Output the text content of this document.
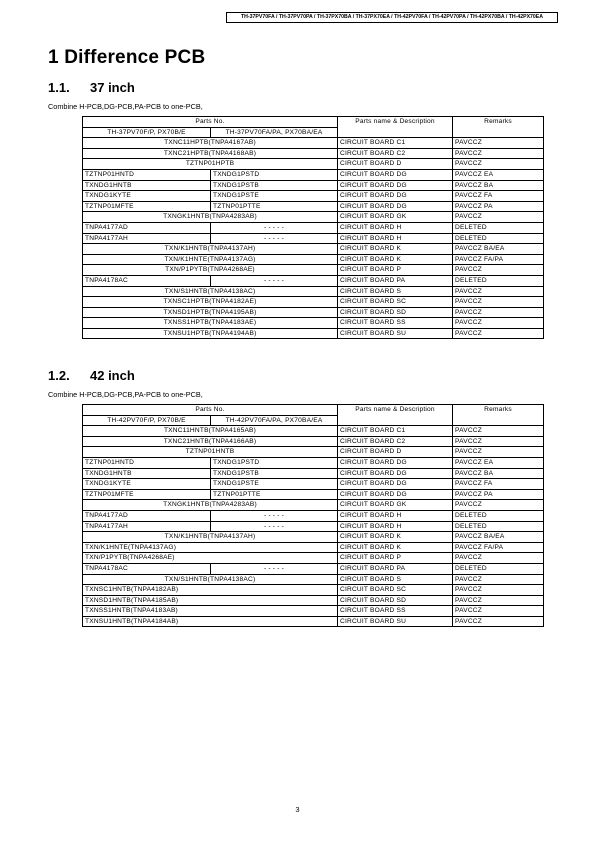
TH-37PV70FA / TH-37PV70PA / TH-37PX70BA / TH-37PX70EA / TH-42PV70FA / TH-42PV70PA / TH-42PX70BA / TH-42PX70EA
1 Difference PCB
1.1. 37 inch
Combine H-PCB,DG-PCB,PA-PCB to one-PCB,
Parts No.		Parts name & Description	Remarks
TH-37PV70F/P, PX70B/E	TH-37PV70FA/PA, PX70BA/EA		
TXNC11HPTB(TNPA4167AB)		CIRCUIT BOARD C1	PAVCCZ
TXNC21HPTB(TNPA4168AB)		CIRCUIT BOARD C2	PAVCCZ
TZTNP01HPTB		CIRCUIT BOARD D	PAVCCZ
TZTNP01HNTD	TXNDG1PSTD	CIRCUIT BOARD DG	PAVCCZ EA
TXNDG1HNTB	TXNDG1PSTB	CIRCUIT BOARD DG	PAVCCZ BA
TXNDG1KYTE	TXNDG1PSTE	CIRCUIT BOARD DG	PAVCCZ FA
TZTNP01MFTE	TZTNP01PTTE	CIRCUIT BOARD DG	PAVCCZ PA
TXNGK1HNTB(TNPA4283AB)		CIRCUIT BOARD GK	PAVCCZ
TNPA4177AD	- - - - -	CIRCUIT BOARD H	DELETED
TNPA4177AH	- - - - -	CIRCUIT BOARD H	DELETED
TXN/K1HNTB(TNPA4137AH)		CIRCUIT BOARD K	PAVCCZ BA/EA
TXN/K1HNTE(TNPA4137AG)		CIRCUIT BOARD K	PAVCCZ FA/PA
TXN/P1PYTB(TNPA4268AE)		CIRCUIT BOARD P	PAVCCZ
TNPA4178AC	- - - - -	CIRCUIT BOARD PA	DELETED
TXN/S1HNTB(TNPA4138AC)		CIRCUIT BOARD S	PAVCCZ
TXNSC1HPTB(TNPA4182AE)		CIRCUIT BOARD SC	PAVCCZ
TXNSD1HPTB(TNPA4195AB)		CIRCUIT BOARD SD	PAVCCZ
TXNSS1HPTB(TNPA4183AE)		CIRCUIT BOARD SS	PAVCCZ
TXNSU1HPTB(TNPA4194AB)		CIRCUIT BOARD SU	PAVCCZ
1.2. 42 inch
Combine H-PCB,DG-PCB,PA-PCB to one-PCB,
Parts No.		Parts name & Description	Remarks
TH-42PV70F/P, PX70B/E	TH-42PV70FA/PA, PX70BA/EA		
TXNC11HNTB(TNPA4165AB)		CIRCUIT BOARD C1	PAVCCZ
TXNC21HNTB(TNPA4166AB)		CIRCUIT BOARD C2	PAVCCZ
TZTNP01HNTB		CIRCUIT BOARD D	PAVCCZ
TZTNP01HNTD	TXNDG1PSTD	CIRCUIT BOARD DG	PAVCCZ EA
TXNDG1HNTB	TXNDG1PSTB	CIRCUIT BOARD DG	PAVCCZ BA
TXNDG1KYTE	TXNDG1PSTE	CIRCUIT BOARD DG	PAVCCZ FA
TZTNP01MFTE	TZTNP01PTTE	CIRCUIT BOARD DG	PAVCCZ PA
TXNGK1HNTB(TNPA4283AB)		CIRCUIT BOARD GK	PAVCCZ
TNPA4177AD	- - - - -	CIRCUIT BOARD H	DELETED
TNPA4177AH	- - - - -	CIRCUIT BOARD H	DELETED
TXN/K1HNTB(TNPA4137AH)		CIRCUIT BOARD K	PAVCCZ BA/EA
TXN/K1HNTE(TNPA4137AG)		CIRCUIT BOARD K	PAVCCZ FA/PA
TXN/P1PYTB(TNPA4268AE)		CIRCUIT BOARD P	PAVCCZ
TNPA4178AC	- - - - -	CIRCUIT BOARD PA	DELETED
TXN/S1HNTB(TNPA4138AC)		CIRCUIT BOARD S	PAVCCZ
TXNSC1HNTB(TNPA4182AB)		CIRCUIT BOARD SC	PAVCCZ
TXNSD1HNTB(TNPA4185AB)		CIRCUIT BOARD SD	PAVCCZ
TXNSS1HNTB(TNPA4183AB)		CIRCUIT BOARD SS	PAVCCZ
TXNSU1HNTB(TNPA4184AB)		CIRCUIT BOARD SU	PAVCCZ
3
